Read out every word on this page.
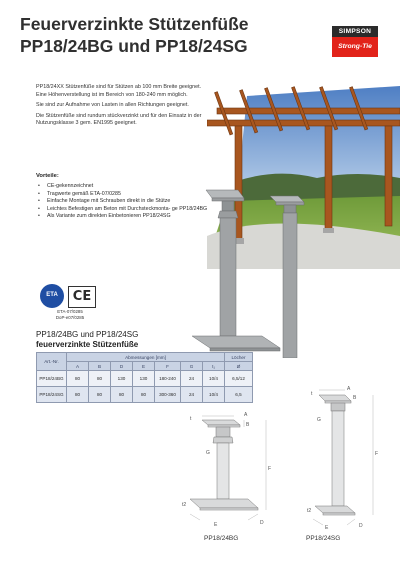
Feuerverzinkte Stützenfüße
PP18/24BG und PP18/24SG
SIMPSON
Strong-Tie

PP18/24XX Stützenfüße sind für Stützen ab 100 mm Breite geeignet. Eine Höhenverstellung ist im Bereich von 180-240 mm möglich.

Sie sind zur Aufnahme von Lasten in allen Richtungen geeignet.

Die Stützenfüße sind rundum stückverzinkt und für den Einsatz in der Nutzungsklasse 3 gem. EN1995 geeignet.

Vorteile:
• CE-gekennzeichnet
• Tragwerte gemäß ETA-07/0285
• Einfache Montage mit Schrauben direkt in die Stütze
• Leichtes Befestigen am Beton mit Durchsteckmonta- ge PP18/24BG
• Als Variante zum direkten Einbetonieren PP18/24SG
ETA	CE
ETA-07/0285
DoP-e07/0285
PP18/24BG und PP18/24SG
feuerverzinkte Stützenfüße
Art.-Nr.	Abmessungen [mm]							Löcher
	A	B	D	E	F	G	t₁	Ø
PP18/24BG	80	80	130	130	180-240	24	10/4	6,5/12
PP18/24SG	80	80	80	80	300-360	24	10/4	6,5
A
B
t
F
G
t2
E	D
A
B
t
F
G
t2
E	D
PP18/24BG	PP18/24SG
